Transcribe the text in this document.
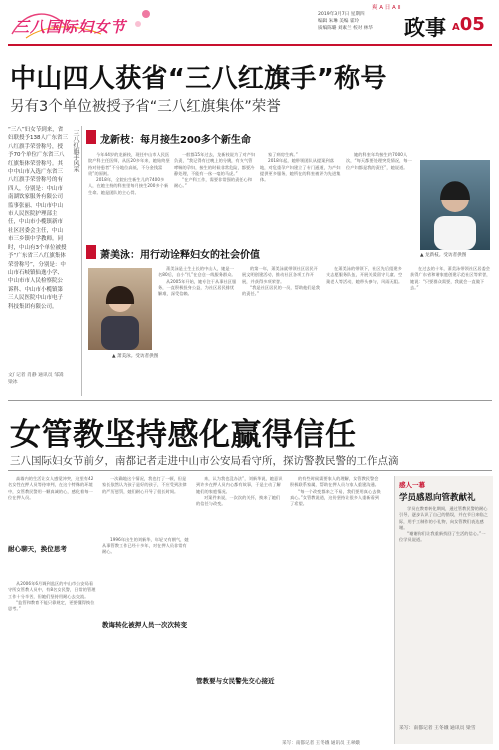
三八国际妇女节
爽 A 日 A ll
2019年3月7日 星期四
编辑 朱琳 美编 霍玲
质编陈璐 刘素兰 校对 林华 政事 A05
中山四人获省“三八红旗手”称号
另有3个单位被授予省“三八红旗集体”荣誉
“三八”妇女节到来，省妇联授予138人广东省三八红旗手荣誉称号，授予70个单位广东省三八红旗集体荣誉称号。其中中山市入选广东省三八红旗手荣誉称号的有四人，分别是：中山市南湖饮家服务有限公司监事张丽、中山市中山市人民医院护理部主任，中山市小榄镇新市社区居委会主任，中山市三乡镇中学教师。同时，中山有3个单位被授予“广东省三八红旗集体荣誉称号”，分别是：中山市石岐镇仙逸小学、中山市市人民检察院公诉科、中山市小榄镇第三人民医院中山市电子科技集团有限公司。
文/ 记者 肖静 通讯员 邹嵩 梁冰
三八红旗手风采 龙新枝：每月接生200多个新生命

今年44岁的龙新枝，现任中山市人民医院产科主任医师，从医20多年来，她始终坚持对待患者“不分地位高低，不分金钱富贵”的原则。

2018年，全院出生新生儿约7400多人，在她主持的科室里每月接生200多个新生命。她是团队的主心骨。

一般都15年过去，龙新枝说为了对产妇负责，“我记得有过晚上的分娩，有支气管哮喘的孕妇，接生的时候非常危险，都要冷静处理，不能有一丝一毫的马虎。”

“在产科工作，需要非常强的责任心和耐心。”

家了病房生病。”

2018年起，她带领团队从提案到落地，对危重孕产妇建立了专门通道，为产妇提供更多服务，她所在的科室被评为先进集体。

她的科室年均接生约7000人次，“每天都要处理突发情况，每一位产妇都是我的责任”，她说道。

▲ 龙新枝。受访者供图
萧美泳：用行动诠释妇女的社会价值
▲ 萧美泳。受访者供图

萧美泳是土生土长的中山人，她是一名80后，自小“扎”在仓仓一线服务群众。

从2005年开始，她专注于从事社区服务，一直积极投身公益，为社区居民排忧解难，深受信赖。

的第一年，萧美泳就带领社区居民开展文明创建活动，推动社区各项工作开展，并获得多项荣誉。

“我是社区居民的一员，帮助他们是我的责任。”

在萧美泳的带领下，社区先后组建多支志愿服务队伍，开展关爱留守儿童、空巢老人等活动，她带头参与，风雨无阻。

在过去的十年，萧美泳带领社区居委会获得广东省和谐家庭创建示范社区等荣誉，她说：“只要群众需要，我就会一直做下去。”

女管教坚持感化赢得信任
三八国际妇女节前夕，南都记者走进中山市公安局看守所，探访警教民警的工作点滴

高墙内的生活让女人感觉冲突，这里有42名女性在押人员等待审判，在这个特殊的环境中，女管教民警用一颗真诚的心，感化着每一位在押人员。

耐心聊天，换位思考

从2006年6月调到监区的中山市公安局看守所女管教人员中，有8名女民警，日常的管理工作十分辛苦，但她们坚持用耐心去交流。

“监管和教育不能只靠规定，更要懂得换位思考。”

一次确地这个情况，我也打了一顿，但是家长依然认为孩子是好的孩子，不应受到法律的严厉惩罚，她们耐心开导了很长时间。

教诲转化被押人员一次次转变

1996年出生的刘新华，年轻又有朝气，她从事管教工作已经十多年，对在押人员非常有耐心。

来，认为我也没办法”，刘新华说，她意识到许多在押人员内心都有故事，于是主动了解她们的家庭情况。

对案件来说，一次次的关怀，换来了她们的信任与改变。

管教要与女民警先交心接近

的有些时候需要家人的理解，女管教民警会积极联系家属，帮助在押人员与家人重建沟通。

“每一个改变都来之不易，我们要用真心去换真心。”女管教说道，这份坚持让很多人重新看到了希望。

采写：南都记者 王冬娥 通讯员 王翠娥
感人一幕
学员感恩向管教献礼

学员在教育转化期间，通过管教民警的耐心引导，逐步认识了自己的错误，并在节日来临之际，用手工制作的小礼物，向女管教们表达感谢。

“谢谢你们让我重新找回了生活的信心。”一位学员说道。

采写：南都记者 王冬娥 通讯员 梁雪
